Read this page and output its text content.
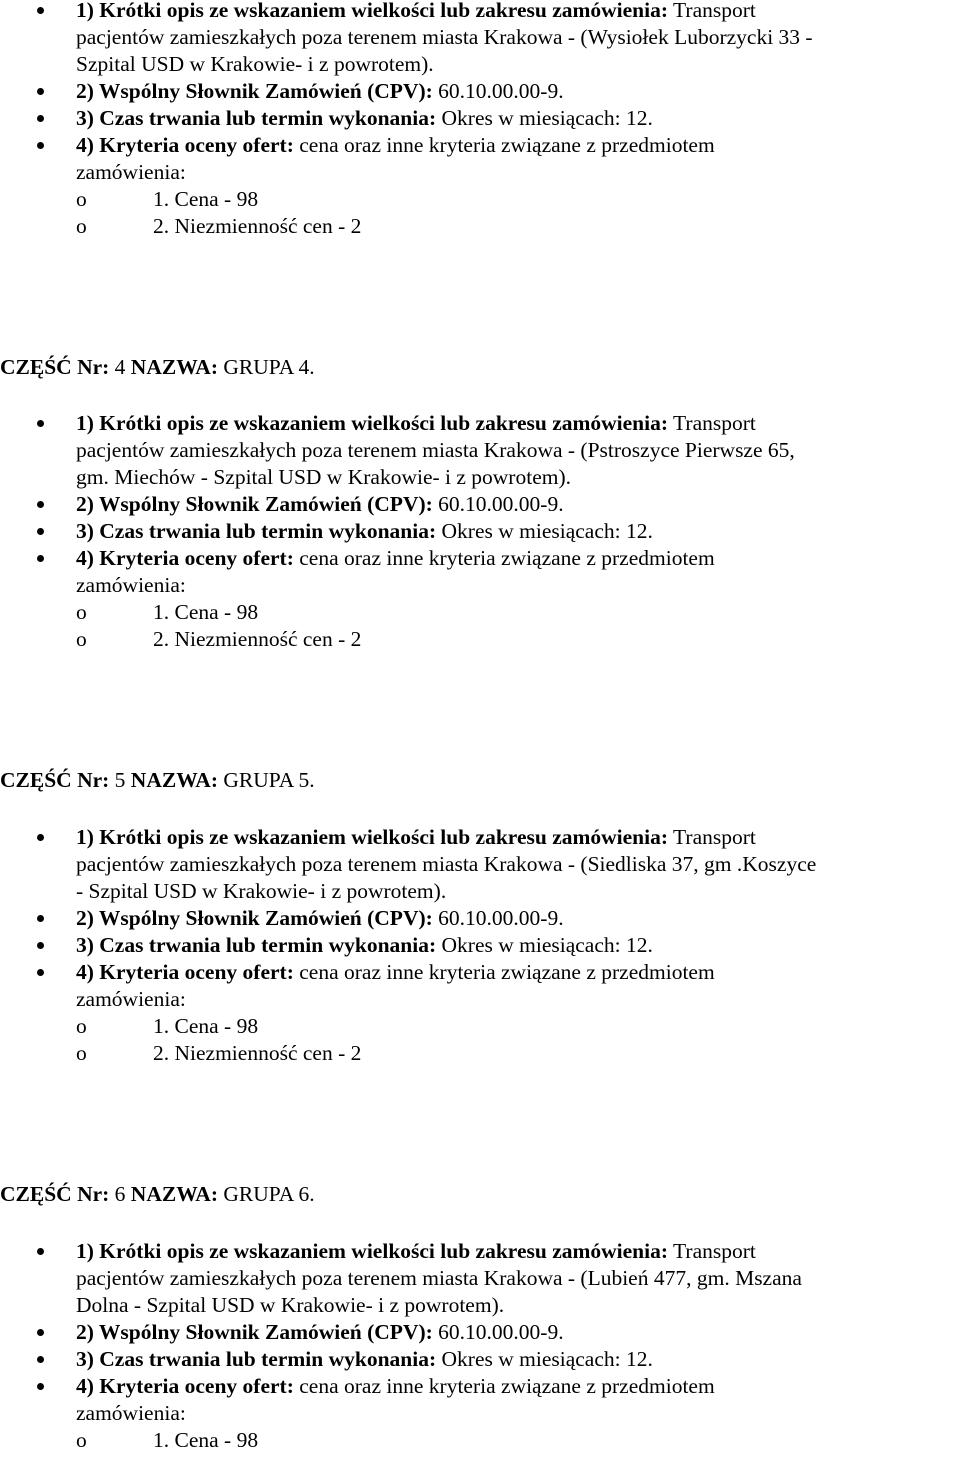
1) Krótki opis ze wskazaniem wielkości lub zakresu zamówienia: Transport
pacjentów zamieszkałych poza terenem miasta Krakowa - (Wysiołek Luborzycki 33 -
Szpital USD w Krakowie- i z powrotem).
2) Wspólny Słownik Zamówień (CPV): 60.10.00.00-9.
3) Czas trwania lub termin wykonania: Okres w miesiącach: 12.
4) Kryteria oceny ofert: cena oraz inne kryteria związane z przedmiotem
zamówienia:
o	1. Cena - 98
o	2. Niezmienność cen - 2
CZĘŚĆ Nr: 4 NAZWA: GRUPA 4.
1) Krótki opis ze wskazaniem wielkości lub zakresu zamówienia: Transport
pacjentów zamieszkałych poza terenem miasta Krakowa - (Pstroszyce Pierwsze 65,
gm. Miechów - Szpital USD w Krakowie- i z powrotem).
2) Wspólny Słownik Zamówień (CPV): 60.10.00.00-9.
3) Czas trwania lub termin wykonania: Okres w miesiącach: 12.
4) Kryteria oceny ofert: cena oraz inne kryteria związane z przedmiotem
zamówienia:
o	1. Cena - 98
o	2. Niezmienność cen - 2
CZĘŚĆ Nr: 5 NAZWA: GRUPA 5.
1) Krótki opis ze wskazaniem wielkości lub zakresu zamówienia: Transport
pacjentów zamieszkałych poza terenem miasta Krakowa - (Siedliska 37, gm .Koszyce
- Szpital USD w Krakowie- i z powrotem).
2) Wspólny Słownik Zamówień (CPV): 60.10.00.00-9.
3) Czas trwania lub termin wykonania: Okres w miesiącach: 12.
4) Kryteria oceny ofert: cena oraz inne kryteria związane z przedmiotem
zamówienia:
o	1. Cena - 98
o	2. Niezmienność cen - 2
CZĘŚĆ Nr: 6 NAZWA: GRUPA 6.
1) Krótki opis ze wskazaniem wielkości lub zakresu zamówienia: Transport
pacjentów zamieszkałych poza terenem miasta Krakowa - (Lubień 477, gm. Mszana
Dolna - Szpital USD w Krakowie- i z powrotem).
2) Wspólny Słownik Zamówień (CPV): 60.10.00.00-9.
3) Czas trwania lub termin wykonania: Okres w miesiącach: 12.
4) Kryteria oceny ofert: cena oraz inne kryteria związane z przedmiotem
zamówienia:
o	1. Cena - 98
